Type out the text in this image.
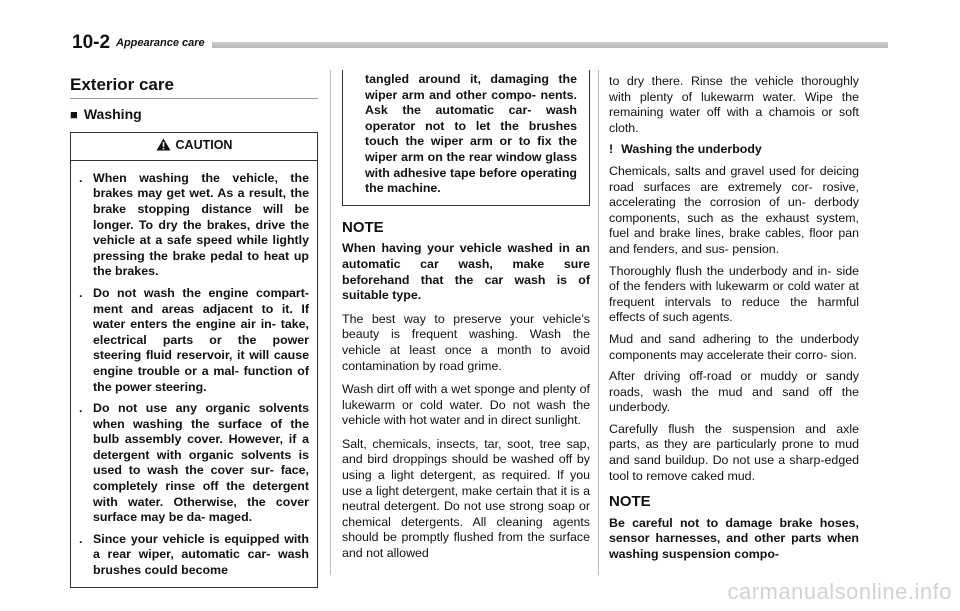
10-2 Appearance care
Exterior care
■ Washing
CAUTION

. When washing the vehicle, the brakes may get wet. As a result, the brake stopping distance will be longer. To dry the brakes, drive the vehicle at a safe speed while lightly pressing the brake pedal to heat up the brakes.

. Do not wash the engine compart- ment and areas adjacent to it. If water enters the engine air in- take, electrical parts or the power steering fluid reservoir, it will cause engine trouble or a mal- function of the power steering.

. Do not use any organic solvents when washing the surface of the bulb assembly cover. However, if a detergent with organic solvents is used to wash the cover sur- face, completely rinse off the detergent with water. Otherwise, the cover surface may be da- maged.

. Since your vehicle is equipped with a rear wiper, automatic car- wash brushes could become

tangled around it, damaging the wiper arm and other compo- nents. Ask the automatic car- wash operator not to let the brushes touch the wiper arm or to fix the wiper arm on the rear window glass with adhesive tape before operating the machine.
NOTE

When having your vehicle washed in an automatic car wash, make sure beforehand that the car wash is of suitable type.

The best way to preserve your vehicle’s beauty is frequent washing. Wash the vehicle at least once a month to avoid contamination by road grime.

Wash dirt off with a wet sponge and plenty of lukewarm or cold water. Do not wash the vehicle with hot water and in direct sunlight.

Salt, chemicals, insects, tar, soot, tree sap, and bird droppings should be washed off by using a light detergent, as required. If you use a light detergent, make certain that it is a neutral detergent. Do not use strong soap or chemical detergents. All cleaning agents should be promptly flushed from the surface and not allowed

to dry there. Rinse the vehicle thoroughly with plenty of lukewarm water. Wipe the remaining water off with a chamois or soft cloth.

! Washing the underbody

Chemicals, salts and gravel used for deicing road surfaces are extremely cor- rosive, accelerating the corrosion of un- derbody components, such as the exhaust system, fuel and brake lines, brake cables, floor pan and fenders, and sus- pension.

Thoroughly flush the underbody and in- side of the fenders with lukewarm or cold water at frequent intervals to reduce the harmful effects of such agents.

Mud and sand adhering to the underbody components may accelerate their corro- sion.

After driving off-road or muddy or sandy roads, wash the mud and sand off the underbody.

Carefully flush the suspension and axle parts, as they are particularly prone to mud and sand buildup. Do not use a sharp-edged tool to remove caked mud.

NOTE

Be careful not to damage brake hoses, sensor harnesses, and other parts when washing suspension compo-

carmanualsonline.info
